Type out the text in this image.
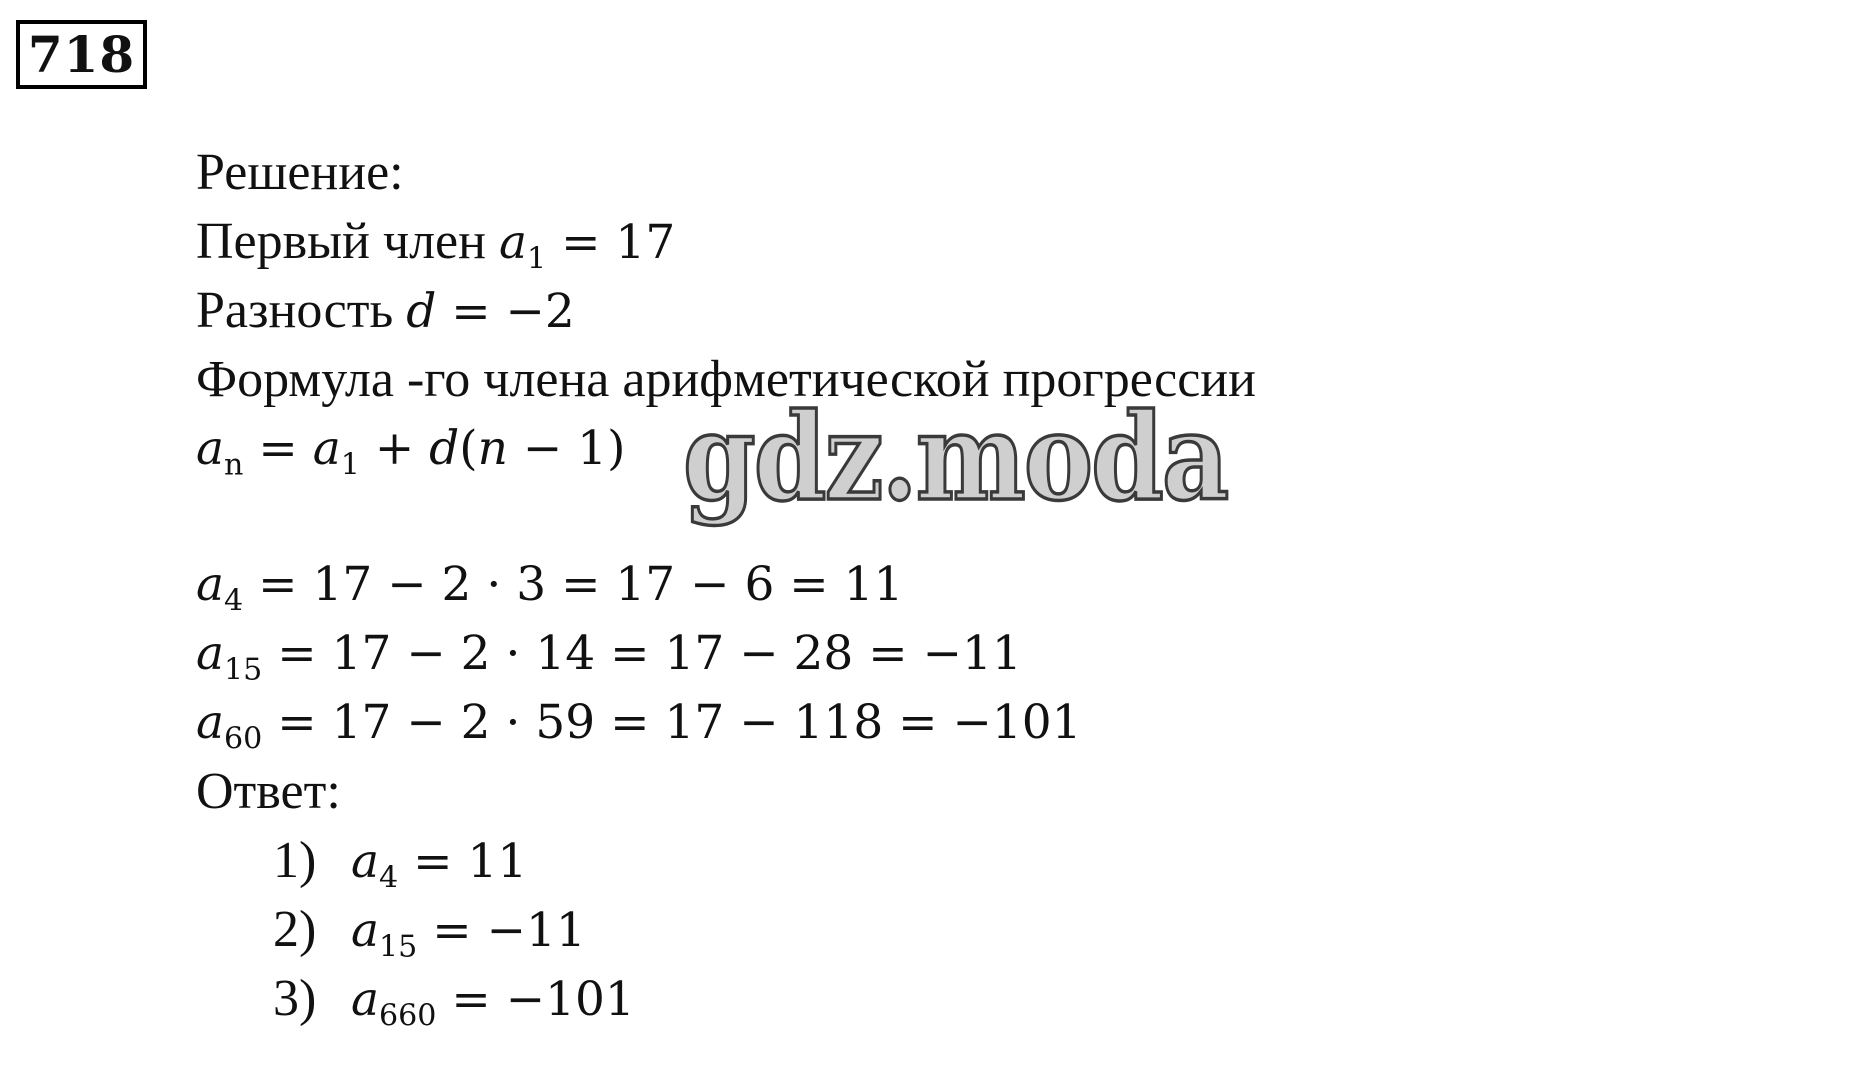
718
Решение:
Первый член $a_1 = 17$
Разность d = −2
Формула -го члена арифметической прогрессии
$a_n = a_1 + d(n - 1)$
$a_4 = 17 - 2 \cdot 3 = 17 - 6 = 11$
$a_{15} = 17 - 2 \cdot 14 = 17 - 28 = -11$
$a_{60} = 17 - 2 \cdot 59 = 17 - 118 = -101$
Ответ:
1) $a_4 = 11$
2) $a_{15} = -11$
3) $a_{660} = -101$
gdz.moda
